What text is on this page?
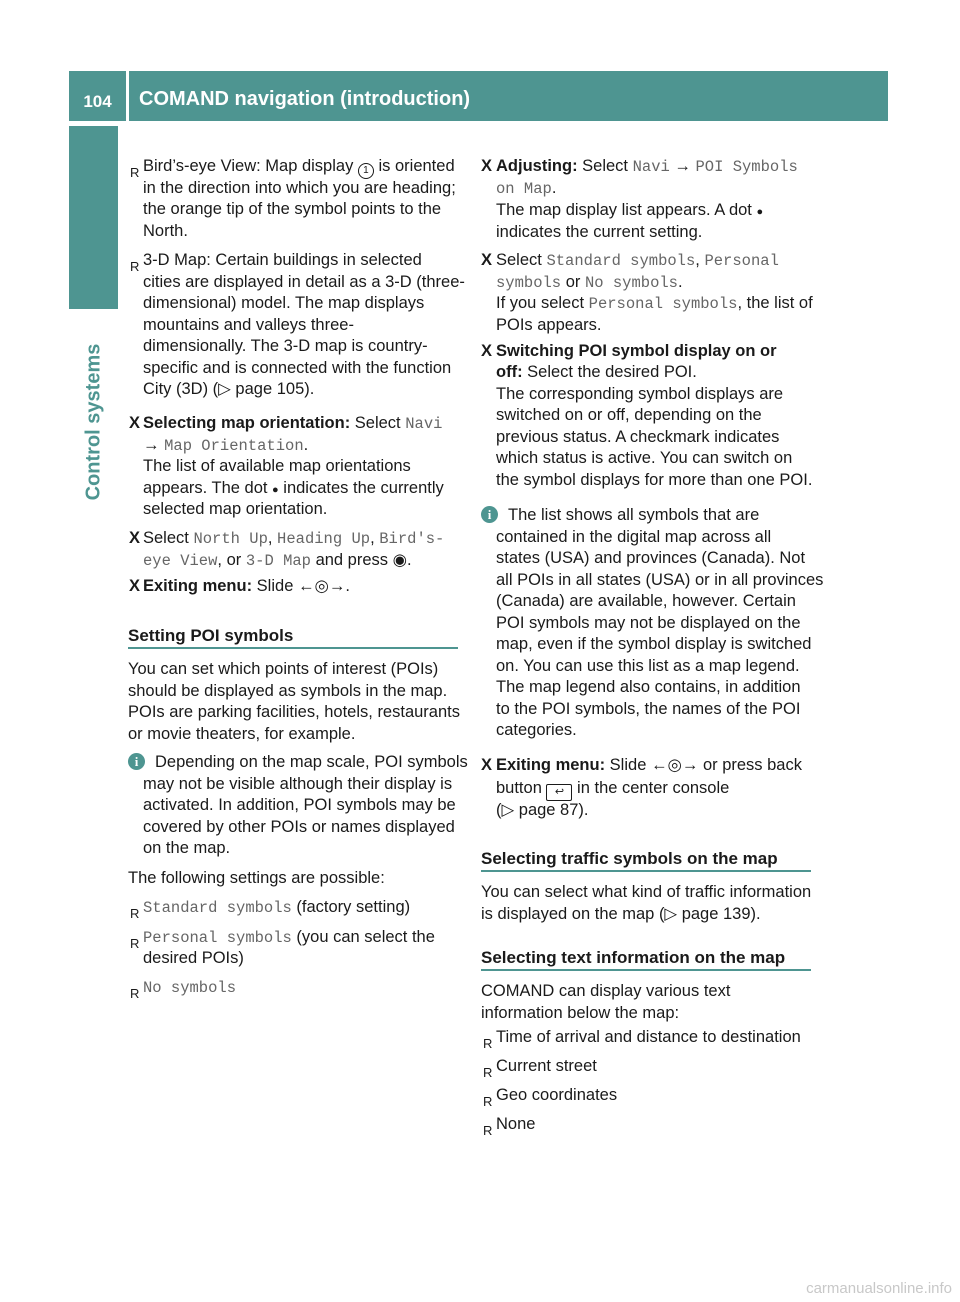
104	COMAND navigation (introduction)
Control systems
R Bird’s-eye View: Map display 1 is oriented
in the direction into which you are heading;
the orange tip of the symbol points to the
North.
R 3-D Map: Certain buildings in selected
cities are displayed in detail as a 3-D (three-
dimensional) model. The map displays
mountains and valleys three-
dimensionally. The 3-D map is country-
specific and is connected with the function
City (3D) (▷ page 105).
X Selecting map orientation: Select Navi
→ Map Orientation.
The list of available map orientations
appears. The dot ● indicates the currently
selected map orientation.
X Select North Up, Heading Up, Bird's-
eye View, or 3-D Map and press ◉.
X Exiting menu: Slide ←◎→.
Setting POI symbols
You can set which points of interest (POIs)
should be displayed as symbols in the map.
POIs are parking facilities, hotels, restaurants
or movie theaters, for example.
i	Depending on the map scale, POI symbols
may not be visible although their display is
activated. In addition, POI symbols may be
covered by other POIs or names displayed
on the map.
The following settings are possible:
R Standard symbols (factory setting)
R Personal symbols (you can select the
desired POIs)
R No symbols
X Adjusting: Select Navi → POI Symbols
on Map.
The map display list appears. A dot ●
indicates the current setting.
X Select Standard symbols, Personal
symbols or No symbols.
If you select Personal symbols, the list of
POIs appears.
X Switching POI symbol display on or
off: Select the desired POI.
The corresponding symbol displays are
switched on or off, depending on the
previous status. A checkmark indicates
which status is active. You can switch on
the symbol displays for more than one POI.
i	The list shows all symbols that are
contained in the digital map across all
states (USA) and provinces (Canada). Not
all POIs in all states (USA) or in all provinces
(Canada) are available, however. Certain
POI symbols may not be displayed on the
map, even if the symbol display is switched
on. You can use this list as a map legend.
The map legend also contains, in addition
to the POI symbols, the names of the POI
categories.
X Exiting menu: Slide ←◎→ or press back
button ↩ in the center console
(▷ page 87).
Selecting traffic symbols on the map
You can select what kind of traffic information
is displayed on the map (▷ page 139).
Selecting text information on the map
COMAND can display various text
information below the map:
R Time of arrival and distance to destination
R Current street
R Geo coordinates
R None
carmanualsonline.info
